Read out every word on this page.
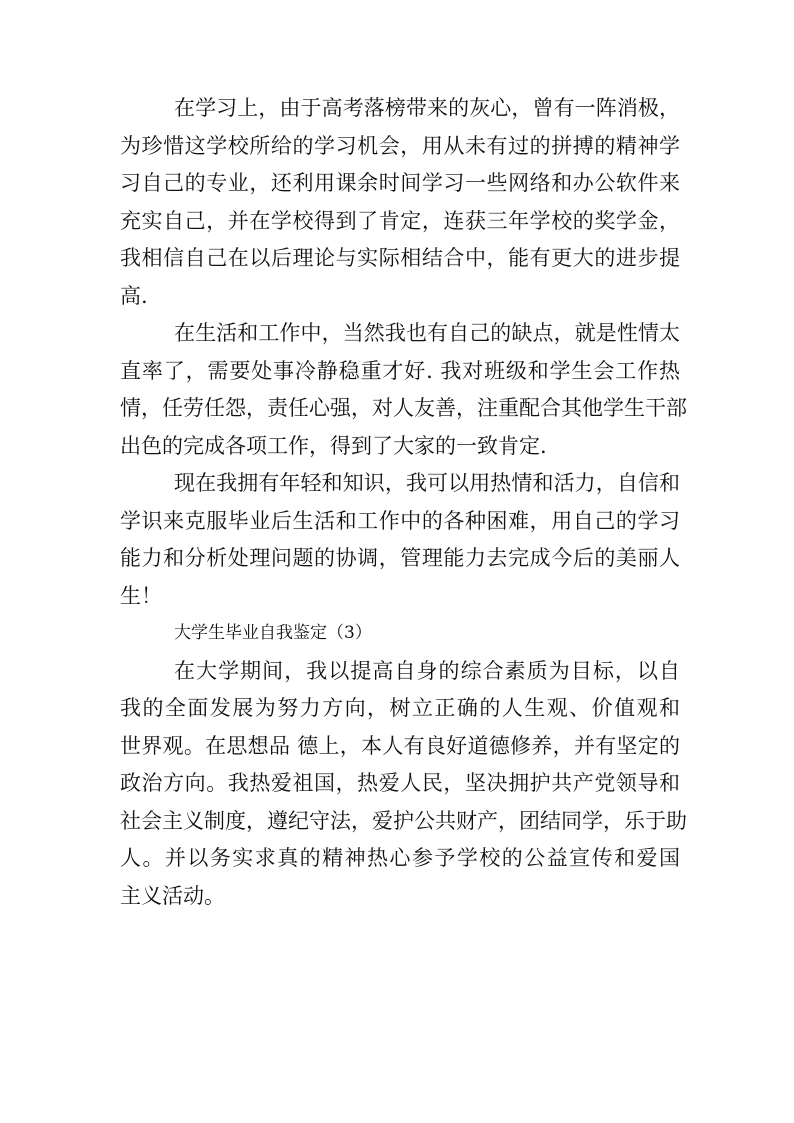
在学习上，由于高考落榜带来的灰心，曾有一阵消极，
为珍惜这学校所给的学习机会，用从未有过的拼搏的精神学
习自己的专业，还利用课余时间学习一些网络和办公软件来
充实自己，并在学校得到了肯定，连获三年学校的奖学金，
我相信自己在以后理论与实际相结合中，能有更大的进步提
高.
在生活和工作中，当然我也有自己的缺点，就是性情太
直率了，需要处事冷静稳重才好. 我对班级和学生会工作热
情，任劳任怨，责任心强，对人友善，注重配合其他学生干部
出色的完成各项工作，得到了大家的一致肯定.
现在我拥有年轻和知识，我可以用热情和活力，自信和
学识来克服毕业后生活和工作中的各种困难，用自己的学习
能力和分析处理问题的协调，管理能力去完成今后的美丽人
生！
大学生毕业自我鉴定（3）
在大学期间，我以提高自身的综合素质为目标，以自
我的全面发展为努力方向，树立正确的人生观、价值观和
世界观。在思想品 德上，本人有良好道德修养，并有坚定的
政治方向。我热爱祖国，热爱人民，坚决拥护共产党领导和
社会主义制度，遵纪守法，爱护公共财产，团结同学，乐于助
人。并以务实求真的精神热心参予学校的公益宣传和爱国
主义活动。
